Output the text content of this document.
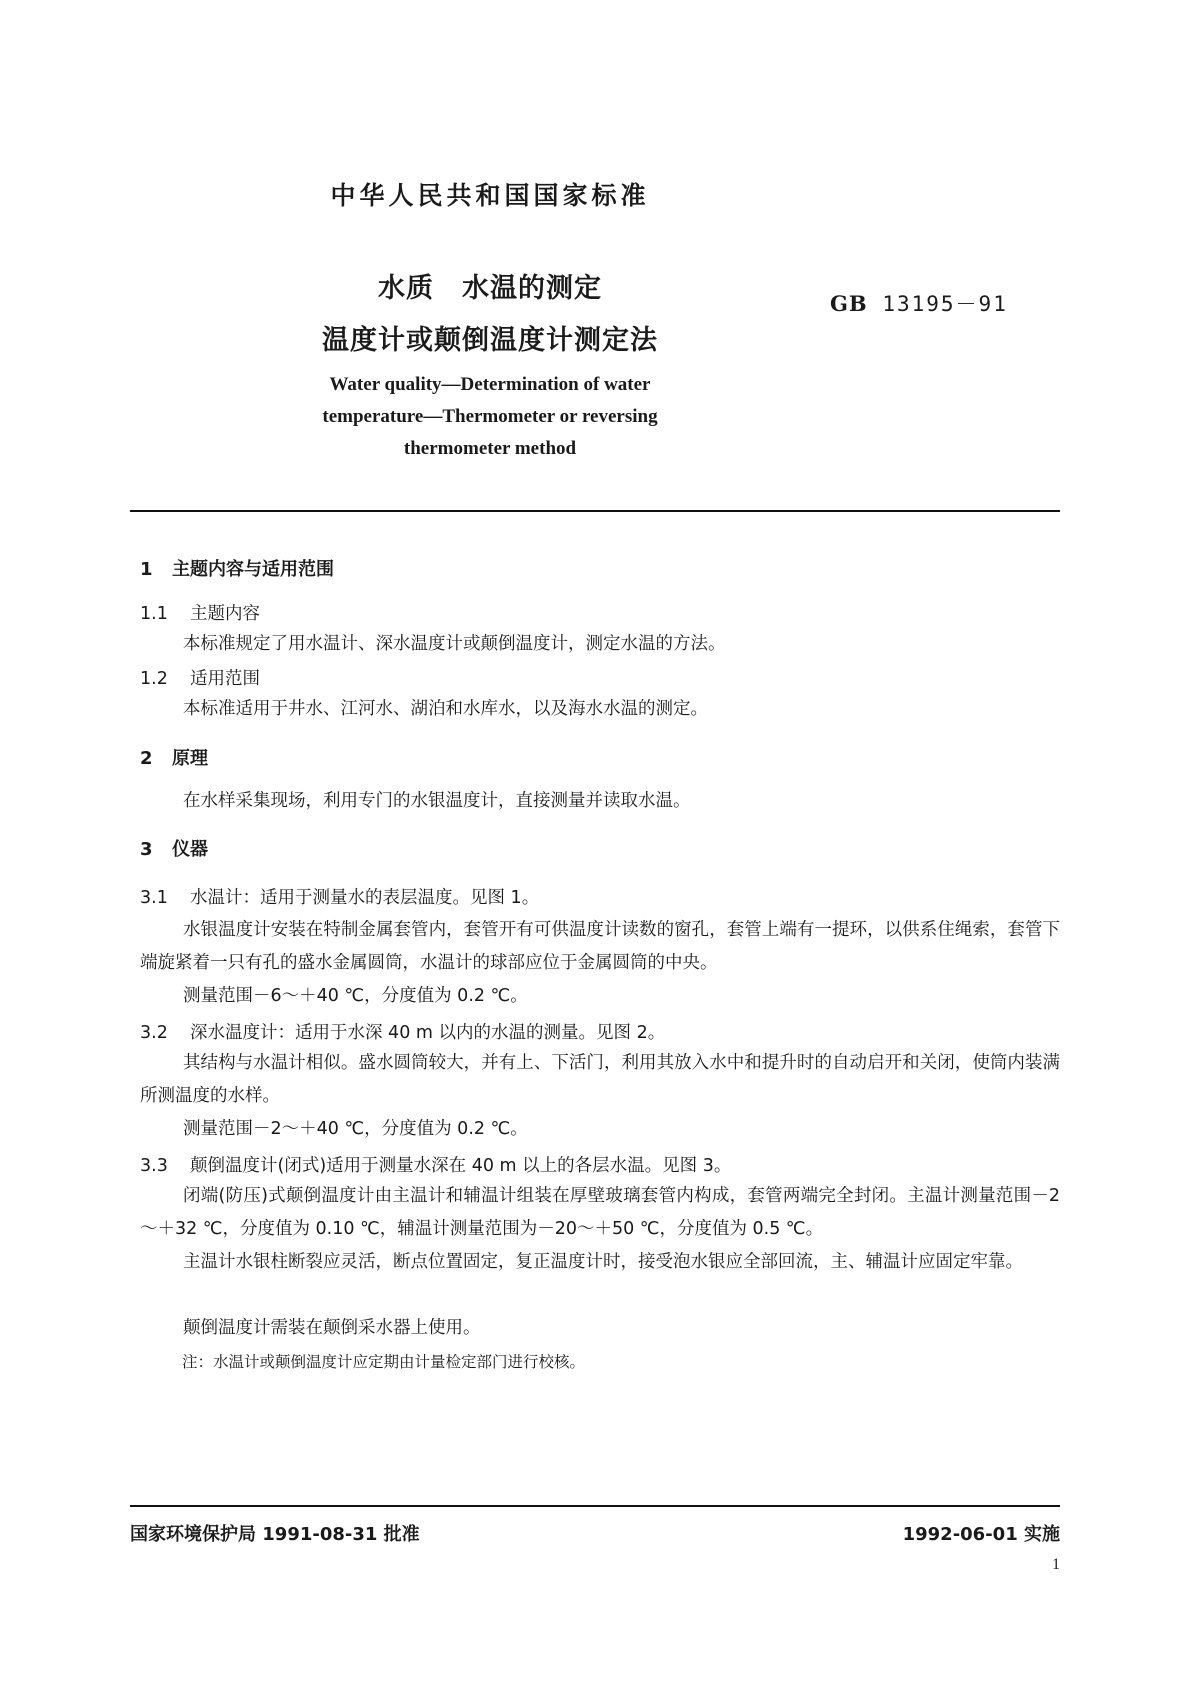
中华人民共和国国家标准
水质　水温的测定
温度计或颠倒温度计测定法
GB 13195－91
Water quality—Determination of water
temperature—Thermometer or reversing
thermometer method
1 主题内容与适用范围
1.1 主题内容
本标准规定了用水温计、深水温度计或颠倒温度计，测定水温的方法。
1.2 适用范围
本标准适用于井水、江河水、湖泊和水库水，以及海水水温的测定。
2 原理
在水样采集现场，利用专门的水银温度计，直接测量并读取水温。
3 仪器
3.1 水温计：适用于测量水的表层温度。见图 1。
水银温度计安装在特制金属套管内，套管开有可供温度计读数的窗孔，套管上端有一提环，以供系住绳索，套管下端旋紧着一只有孔的盛水金属圆筒，水温计的球部应位于金属圆筒的中央。
测量范围－6～＋40 ℃，分度值为 0.2 ℃。
3.2 深水温度计：适用于水深 40 m 以内的水温的测量。见图 2。
其结构与水温计相似。盛水圆筒较大，并有上、下活门，利用其放入水中和提升时的自动启开和关闭，使筒内装满所测温度的水样。
测量范围－2～＋40 ℃，分度值为 0.2 ℃。
3.3 颠倒温度计(闭式)适用于测量水深在 40 m 以上的各层水温。见图 3。
闭端(防压)式颠倒温度计由主温计和辅温计组装在厚壁玻璃套管内构成，套管两端完全封闭。主温计测量范围－2～＋32 ℃，分度值为 0.10 ℃，辅温计测量范围为－20～＋50 ℃，分度值为 0.5 ℃。
主温计水银柱断裂应灵活，断点位置固定，复正温度计时，接受泡水银应全部回流，主、辅温计应固定牢靠。
颠倒温度计需装在颠倒采水器上使用。
注：水温计或颠倒温度计应定期由计量检定部门进行校核。
国家环境保护局 1991-08-31 批准	1992-06-01 实施
1
